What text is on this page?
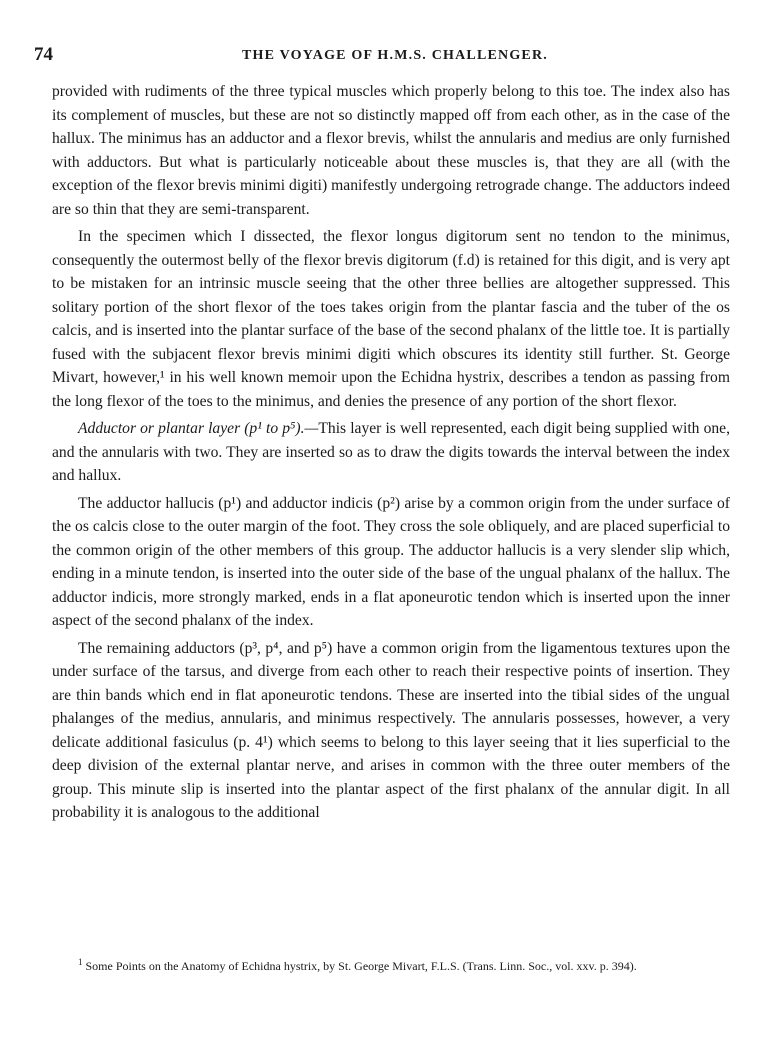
74	THE VOYAGE OF H.M.S. CHALLENGER.

provided with rudiments of the three typical muscles which properly belong to this toe. The index also has its complement of muscles, but these are not so distinctly mapped off from each other, as in the case of the hallux. The minimus has an adductor and a flexor brevis, whilst the annularis and medius are only furnished with adductors. But what is particularly noticeable about these muscles is, that they are all (with the exception of the flexor brevis minimi digiti) manifestly undergoing retrograde change. The adductors indeed are so thin that they are semi-transparent.

In the specimen which I dissected, the flexor longus digitorum sent no tendon to the minimus, consequently the outermost belly of the flexor brevis digitorum (f.d) is retained for this digit, and is very apt to be mistaken for an intrinsic muscle seeing that the other three bellies are altogether suppressed. This solitary portion of the short flexor of the toes takes origin from the plantar fascia and the tuber of the os calcis, and is inserted into the plantar surface of the base of the second phalanx of the little toe. It is partially fused with the subjacent flexor brevis minimi digiti which obscures its identity still further. St. George Mivart, however,¹ in his well known memoir upon the Echidna hystrix, describes a tendon as passing from the long flexor of the toes to the minimus, and denies the presence of any portion of the short flexor.

Adductor or plantar layer (p¹ to p⁵).—This layer is well represented, each digit being supplied with one, and the annularis with two. They are inserted so as to draw the digits towards the interval between the index and hallux.

The adductor hallucis (p¹) and adductor indicis (p²) arise by a common origin from the under surface of the os calcis close to the outer margin of the foot. They cross the sole obliquely, and are placed superficial to the common origin of the other members of this group. The adductor hallucis is a very slender slip which, ending in a minute tendon, is inserted into the outer side of the base of the ungual phalanx of the hallux. The adductor indicis, more strongly marked, ends in a flat aponeurotic tendon which is inserted upon the inner aspect of the second phalanx of the index.

The remaining adductors (p³, p⁴, and p⁵) have a common origin from the ligamentous textures upon the under surface of the tarsus, and diverge from each other to reach their respective points of insertion. They are thin bands which end in flat aponeurotic tendons. These are inserted into the tibial sides of the ungual phalanges of the medius, annularis, and minimus respectively. The annularis possesses, however, a very delicate additional fasiculus (p. 4¹) which seems to belong to this layer seeing that it lies superficial to the deep division of the external plantar nerve, and arises in common with the three outer members of the group. This minute slip is inserted into the plantar aspect of the first phalanx of the annular digit. In all probability it is analogous to the additional

$^1$ Some Points on the Anatomy of Echidna hystrix, by St. George Mivart, F.L.S. (Trans. Linn. Soc., vol. xxv. p. 394).
